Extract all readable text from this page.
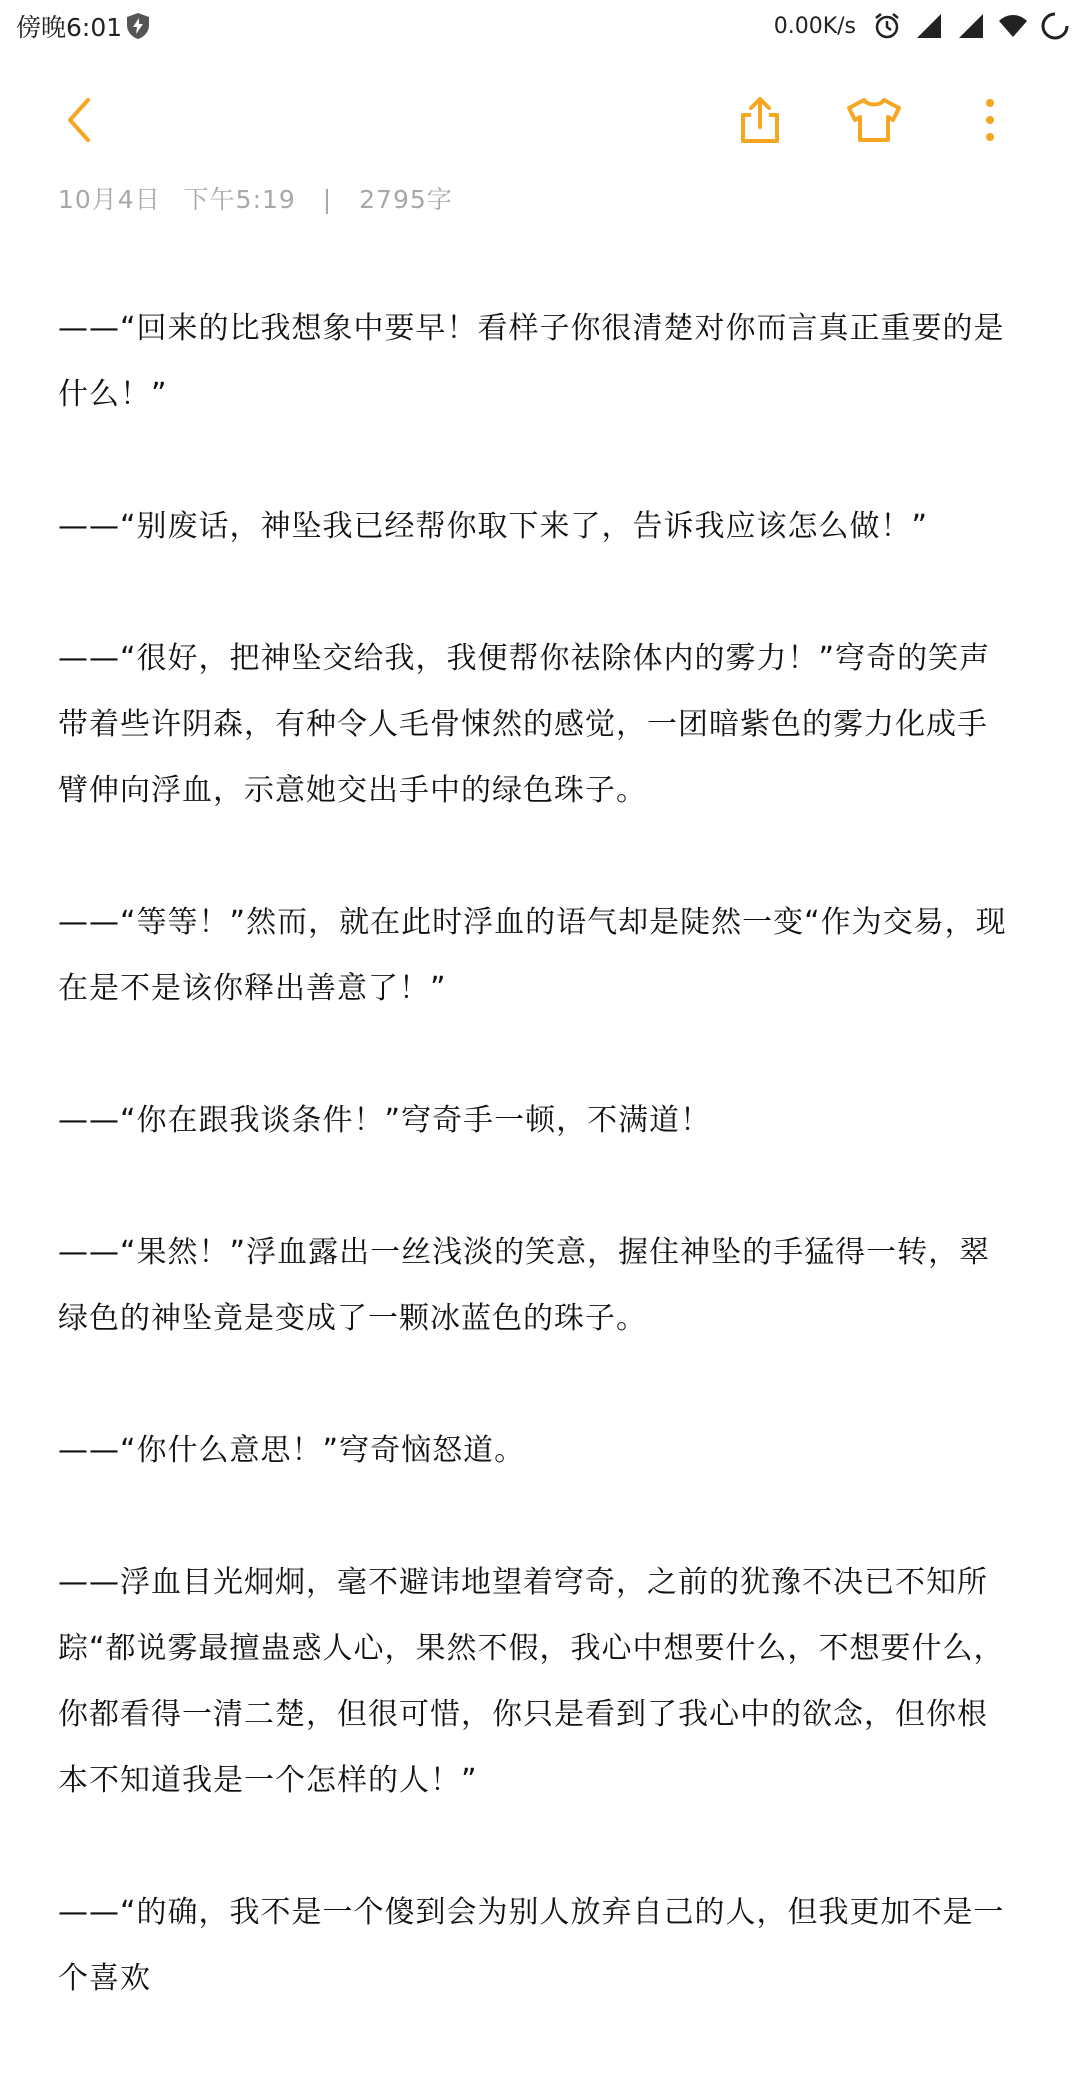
傍晚6:01	0.00K/s
10月4日 下午5:19 | 2795字

——“回来的比我想象中要早！看样子你很清楚对你而言真正重要的是什么！”

——“别废话，神坠我已经帮你取下来了，告诉我应该怎么做！”

——“很好，把神坠交给我，我便帮你祛除体内的雾力！”穹奇的笑声带着些许阴森，有种令人毛骨悚然的感觉，一团暗紫色的雾力化成手臂伸向浮血，示意她交出手中的绿色珠子。

——“等等！”然而，就在此时浮血的语气却是陡然一变“作为交易，现在是不是该你释出善意了！”

——“你在跟我谈条件！”穹奇手一顿，不满道！

——“果然！”浮血露出一丝浅淡的笑意，握住神坠的手猛得一转，翠绿色的神坠竟是变成了一颗冰蓝色的珠子。

——“你什么意思！”穹奇恼怒道。

——浮血目光炯炯，毫不避讳地望着穹奇，之前的犹豫不决已不知所踪“都说雾最擅蛊惑人心，果然不假，我心中想要什么，不想要什么，你都看得一清二楚，但很可惜，你只是看到了我心中的欲念，但你根本不知道我是一个怎样的人！”

——“的确，我不是一个傻到会为别人放弃自己的人，但我更加不是一个喜欢
